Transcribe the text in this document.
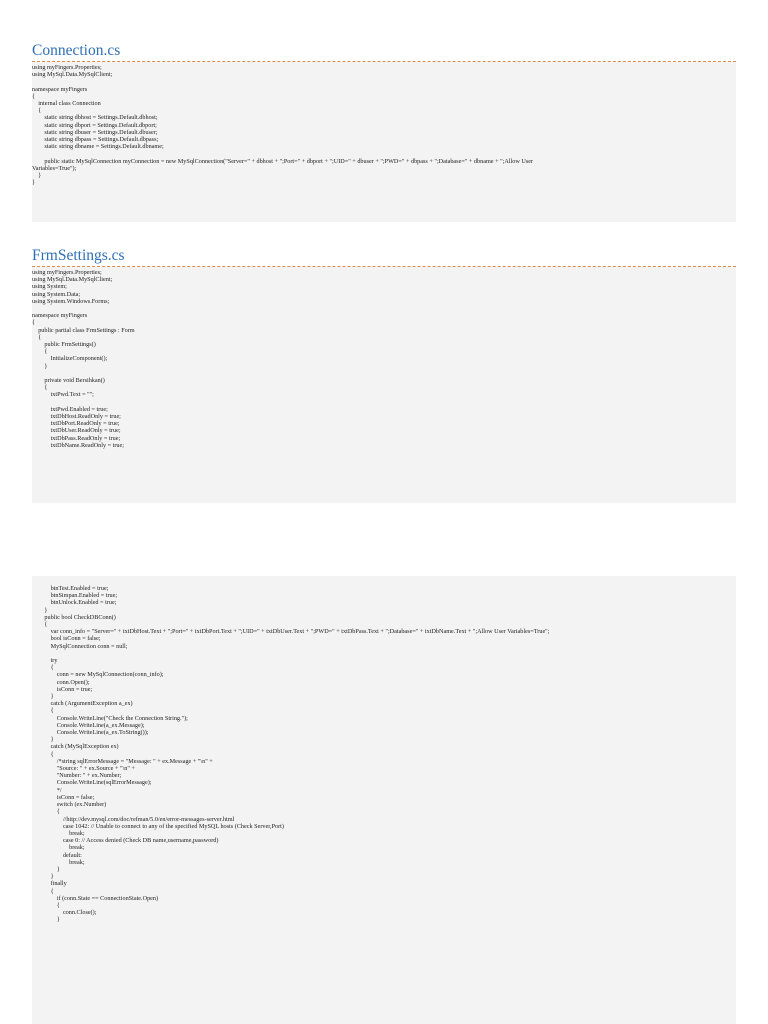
Connection.cs
using myFingers.Properties;
using MySql.Data.MySqlClient;

namespace myFingers
{
internal class Connection
{
static string dbhost = Settings.Default.dbhost;
static string dbport = Settings.Default.dbport;
static string dbuser = Settings.Default.dbuser;
static string dbpass = Settings.Default.dbpass;
static string dbname = Settings.Default.dbname;

public static MySqlConnection myConnection = new MySqlConnection("Server=" + dbhost + ";Port=" + dbport + ";UID=" + dbuser + ";PWD=" + dbpass + ";Database=" + dbname + ";Allow User
Variables=True");
}
}
FrmSettings.cs
using myFingers.Properties;
using MySql.Data.MySqlClient;
using System;
using System.Data;
using System.Windows.Forms;

namespace myFingers
{
public partial class FrmSettings : Form
{
public FrmSettings()
{
InitializeComponent();
}

private void Bersihkan()
{
txtPwd.Text = "";

txtPwd.Enabled = true;
txtDbHost.ReadOnly = true;
txtDbPort.ReadOnly = true;
txtDbUser.ReadOnly = true;
txtDbPass.ReadOnly = true;
txtDbName.ReadOnly = true;
btnTest.Enabled = true;
btnSimpan.Enabled = true;
btnUnlock.Enabled = true;
}
public bool CheckDBConn()
{
var conn_info = "Server=" + txtDbHost.Text + ";Port=" + txtDbPort.Text + ";UID=" + txtDbUser.Text + ";PWD=" + txtDbPass.Text + ";Database=" + txtDbName.Text + ";Allow User Variables=True";
bool isConn = false;
MySqlConnection conn = null;

try
{
conn = new MySqlConnection(conn_info);
conn.Open();
isConn = true;
}
catch (ArgumentException a_ex)
{
Console.WriteLine("Check the Connection String.");
Console.WriteLine(a_ex.Message);
Console.WriteLine(a_ex.ToString());
}
catch (MySqlException ex)
{
/*string sqlErrorMessage = "Message: " + ex.Message + "\n" +
"Source: " + ex.Source + "\n" +
"Number: " + ex.Number;
Console.WriteLine(sqlErrorMessage);
*/
isConn = false;
switch (ex.Number)
{
//http://dev.mysql.com/doc/refman/5.0/en/error-messages-server.html
case 1042: // Unable to connect to any of the specified MySQL hosts (Check Server,Port)
break;
case 0: // Access denied (Check DB name,username,password)
break;
default:
break;
}
}
finally
{
if (conn.State == ConnectionState.Open)
{
conn.Close();
}
